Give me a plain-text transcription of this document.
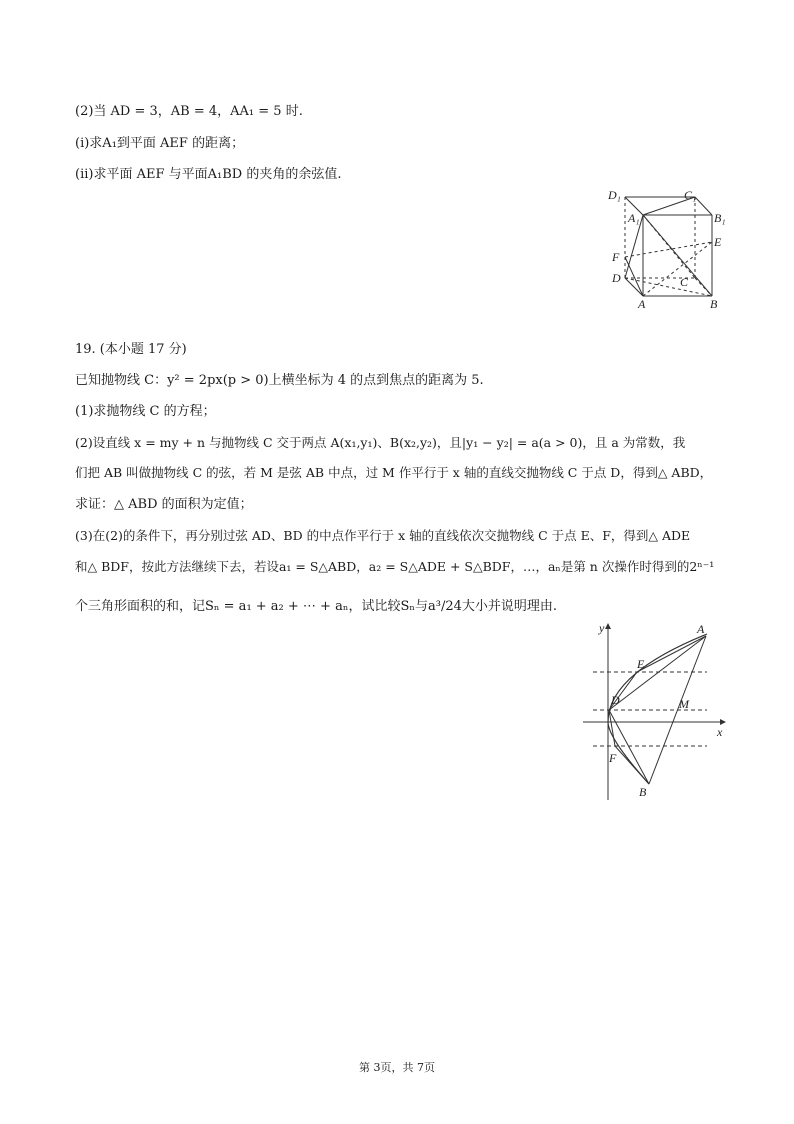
(2)当 AD = 3，AB = 4，AA₁ = 5 时.
(i)求A₁到平面 AEF 的距离；
(ii)求平面 AEF 与平面A₁BD 的夹角的余弦值.
D₁	C₁
A₁	B₁
E
F
D	C
A	B
19. (本小题 17 分)
已知抛物线 C：y² = 2px(p > 0)上横坐标为 4 的点到焦点的距离为 5.
(1)求抛物线 C 的方程；
(2)设直线 x = my + n 与抛物线 C 交于两点 A(x₁,y₁)、B(x₂,y₂)，且|y₁ − y₂| = a(a > 0)，且 a 为常数，我
们把 AB 叫做抛物线 C 的弦，若 M 是弦 AB 中点，过 M 作平行于 x 轴的直线交抛物线 C 于点 D，得到△ ABD，
求证：△ ABD 的面积为定值；
(3)在(2)的条件下，再分别过弦 AD、BD 的中点作平行于 x 轴的直线依次交抛物线 C 于点 E、F，得到△ ADE
和△ BDF，按此方法继续下去，若设a₁ = S△ABD，a₂ = S△ADE + S△BDF，…，aₙ是第 n 次操作时得到的2ⁿ⁻¹
个三角形面积的和，记Sₙ = a₁ + a₂ + ⋯ + aₙ，试比较Sₙ与a³/24大小并说明理由.
y
x
A
E
D	M
F
B
第 3页，共 7页
